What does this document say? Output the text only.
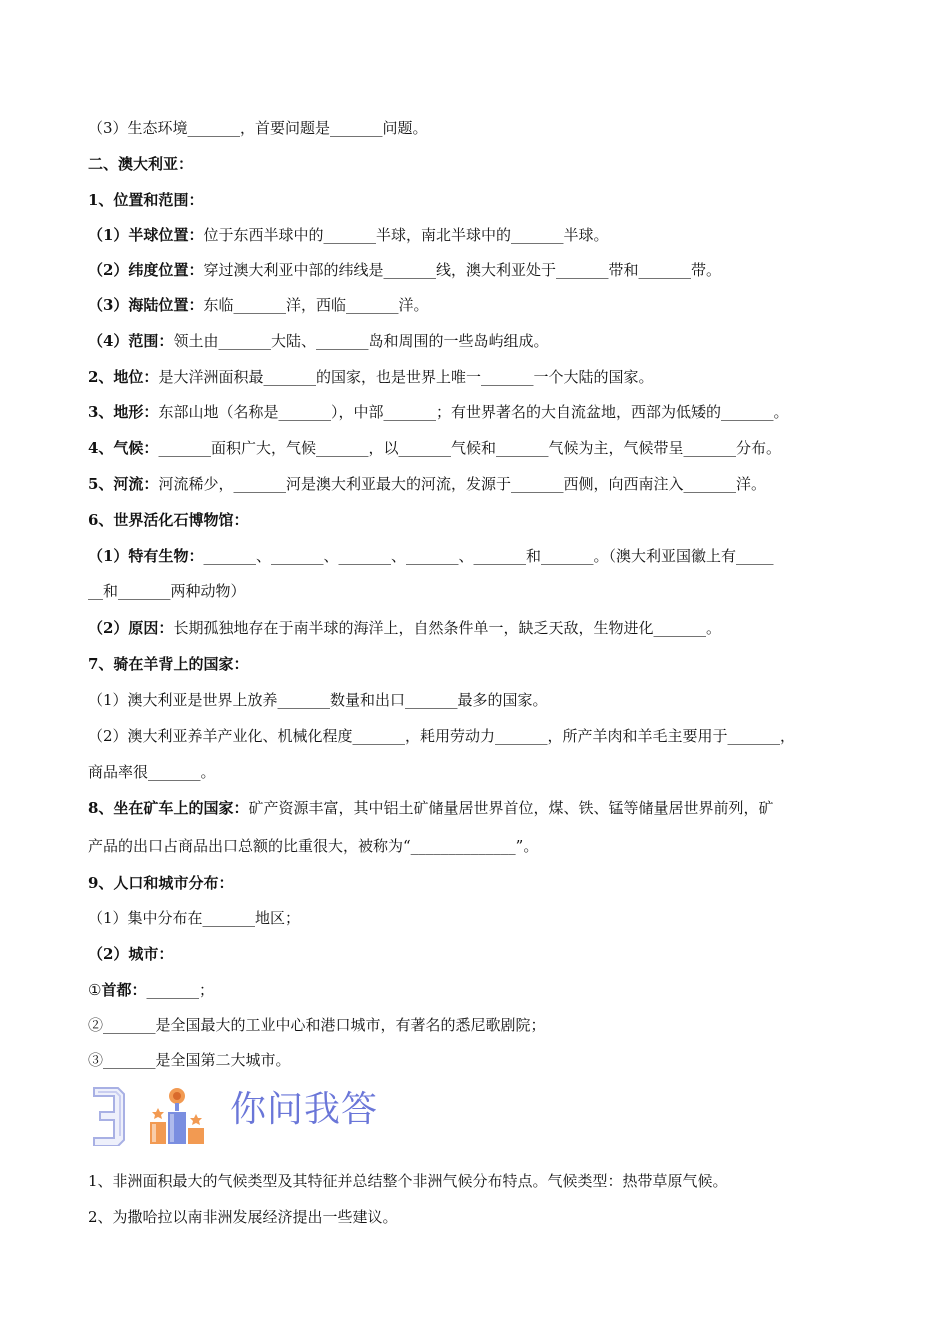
（3）生态环境_______，首要问题是_______问题。
二、澳大利亚：
1、位置和范围：
（1）半球位置：位于东西半球中的_______半球，南北半球中的_______半球。
（2）纬度位置：穿过澳大利亚中部的纬线是_______线，澳大利亚处于_______带和_______带。
（3）海陆位置：东临_______洋，西临_______洋。
（4）范围：领土由_______大陆、_______岛和周围的一些岛屿组成。
2、地位：是大洋洲面积最_______的国家，也是世界上唯一_______一个大陆的国家。
3、地形：东部山地（名称是_______），中部_______；有世界著名的大自流盆地，西部为低矮的_______。
4、气候：_______面积广大，气候_______，以_______气候和_______气候为主，气候带呈_______分布。
5、河流：河流稀少，_______河是澳大利亚最大的河流，发源于_______西侧，向西南注入_______洋。
6、世界活化石博物馆：
（1）特有生物：_______、_______、_______、_______、_______和_______。（澳大利亚国徽上有_____
__和_______两种动物）
（2）原因：长期孤独地存在于南半球的海洋上，自然条件单一，缺乏天敌，生物进化_______。
7、骑在羊背上的国家：
（1）澳大利亚是世界上放养_______数量和出口_______最多的国家。
（2）澳大利亚养羊产业化、机械化程度_______，耗用劳动力_______，所产羊肉和羊毛主要用于_______，
商品率很_______。
8、坐在矿车上的国家：矿产资源丰富，其中铝土矿储量居世界首位，煤、铁、锰等储量居世界前列，矿
产品的出口占商品出口总额的比重很大，被称为“______________”。
9、人口和城市分布：
（1）集中分布在_______地区；
（2）城市：
①首都：_______；
②_______是全国最大的工业中心和港口城市，有著名的悉尼歌剧院；
③_______是全国第二大城市。
你问我答
1、非洲面积最大的气候类型及其特征并总结整个非洲气候分布特点。气候类型：热带草原气候。
2、为撒哈拉以南非洲发展经济提出一些建议。
